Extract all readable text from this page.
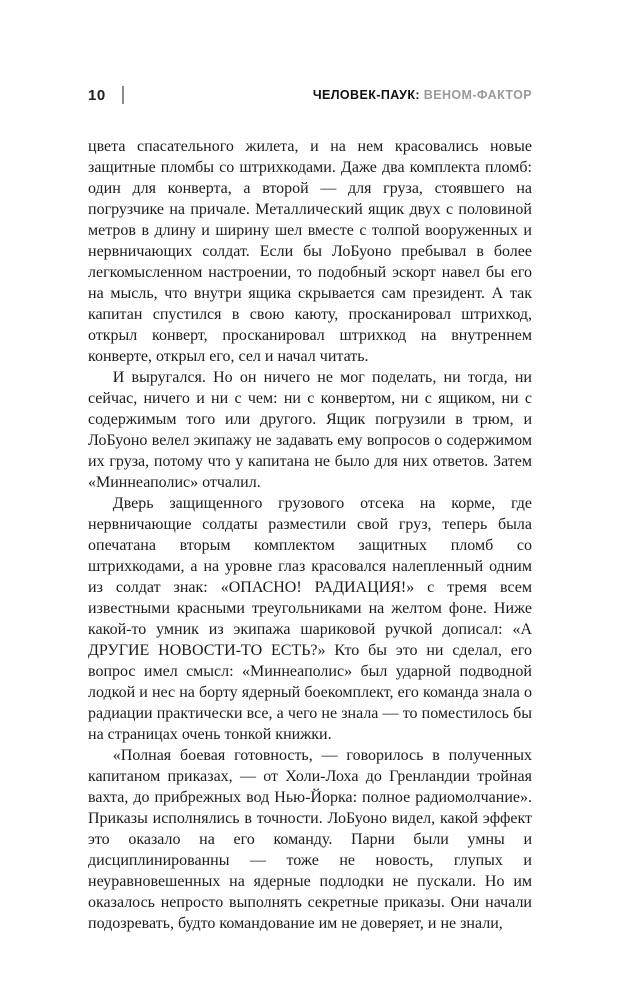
10	ЧЕЛОВЕК-ПАУК: ВЕНОМ-ФАКТОР

цвета спасательного жилета, и на нем красовались новые защитные пломбы со штрихкодами. Даже два комплекта пломб: один для конверта, а второй — для груза, стоявшего на погрузчике на причале. Металлический ящик двух с половиной метров в длину и ширину шел вместе с толпой вооруженных и нервничающих солдат. Если бы ЛоБуоно пребывал в более легкомысленном настроении, то подобный эскорт навел бы его на мысль, что внутри ящика скрывается сам президент. А так капитан спустился в свою каюту, просканировал штрихкод, открыл конверт, просканировал штрихкод на внутреннем конверте, открыл его, сел и начал читать.

И выругался. Но он ничего не мог поделать, ни тогда, ни сейчас, ничего и ни с чем: ни с конвертом, ни с ящиком, ни с содержимым того или другого. Ящик погрузили в трюм, и ЛоБуоно велел экипажу не задавать ему вопросов о содержимом их груза, потому что у капитана не было для них ответов. Затем «Миннеаполис» отчалил.

Дверь защищенного грузового отсека на корме, где нервничающие солдаты разместили свой груз, теперь была опечатана вторым комплектом защитных пломб со штрихкодами, а на уровне глаз красовался налепленный одним из солдат знак: «ОПАСНО! РАДИАЦИЯ!» с тремя всем известными красными треугольниками на желтом фоне. Ниже какой-то умник из экипажа шариковой ручкой дописал: «А ДРУГИЕ НОВОСТИ-ТО ЕСТЬ?» Кто бы это ни сделал, его вопрос имел смысл: «Миннеаполис» был ударной подводной лодкой и нес на борту ядерный боекомплект, его команда знала о радиации практически все, а чего не знала — то поместилось бы на страницах очень тонкой книжки.

«Полная боевая готовность, — говорилось в полученных капитаном приказах, — от Холи-Лоха до Гренландии тройная вахта, до прибрежных вод Нью-Йорка: полное радиомолчание». Приказы исполнялись в точности. ЛоБуоно видел, какой эффект это оказало на его команду. Парни были умны и дисциплинированны — тоже не новость, глупых и неуравновешенных на ядерные подлодки не пускали. Но им оказалось непросто выполнять секретные приказы. Они начали подозревать, будто командование им не доверяет, и не знали,
